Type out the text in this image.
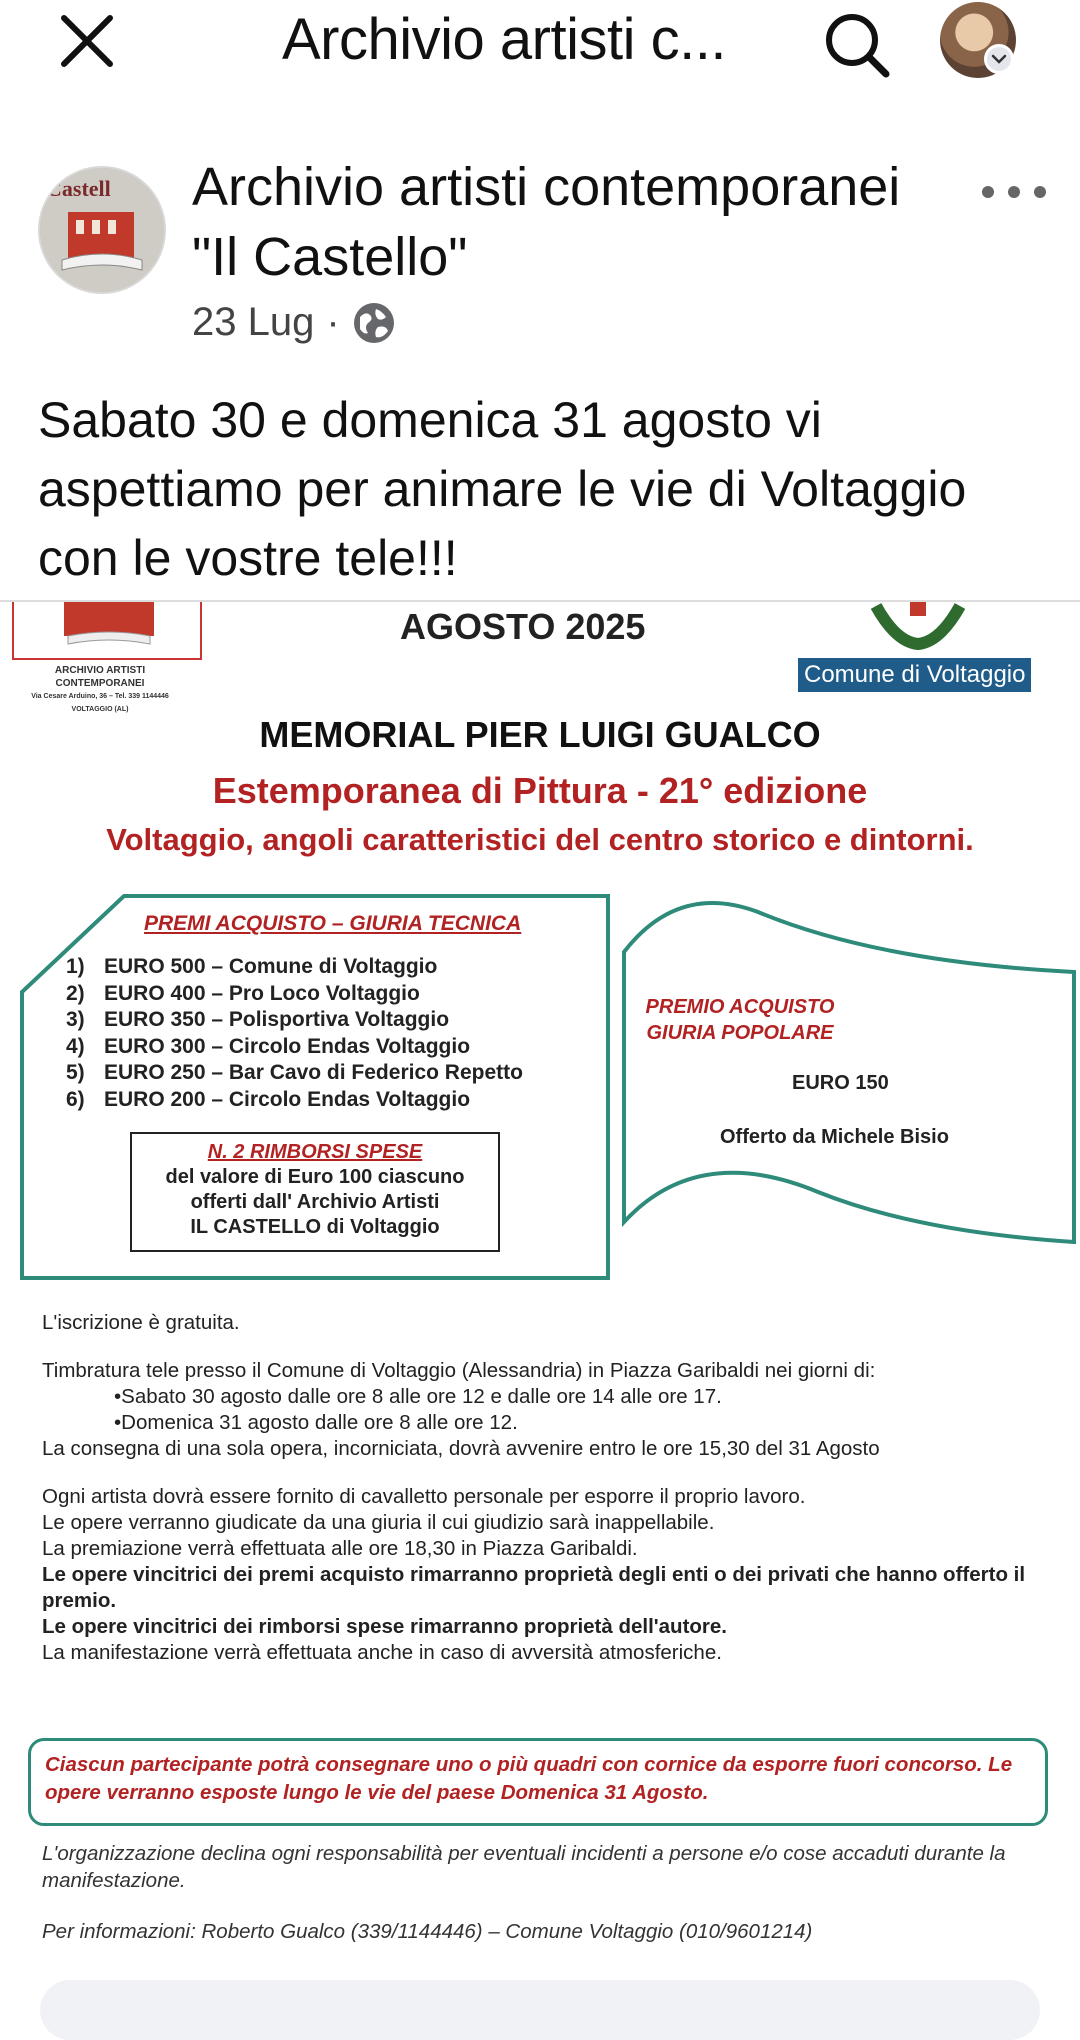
Archivio artisti c...
Castell Archivio artisti contemporanei "Il Castello"
23 Lug ·
Sabato 30 e domenica 31 agosto vi aspettiamo per animare le vie di Voltaggio con le vostre tele!!!
ARCHIVIO ARTISTI
CONTEMPORANEI
Via Cesare Arduino, 36 – Tel. 339 1144446
VOLTAGGIO (AL)
AGOSTO 2025
Comune di Voltaggio
MEMORIAL PIER LUIGI GUALCO
Estemporanea di Pittura - 21° edizione
Voltaggio, angoli caratteristici del centro storico e dintorni.
PREMI ACQUISTO – GIURIA TECNICA
1) EURO 500 – Comune di Voltaggio
2) EURO 400 – Pro Loco Voltaggio
3) EURO 350 – Polisportiva Voltaggio
4) EURO 300 – Circolo Endas Voltaggio
5) EURO 250 – Bar Cavo di Federico Repetto
6) EURO 200 – Circolo Endas Voltaggio
N. 2 RIMBORSI SPESE
del valore di Euro 100 ciascuno
offerti dall' Archivio Artisti
IL CASTELLO di Voltaggio
PREMIO ACQUISTO
GIURIA POPOLARE
EURO 150
Offerto da Michele Bisio

L'iscrizione è gratuita.

Timbratura tele presso il Comune di Voltaggio (Alessandria) in Piazza Garibaldi nei giorni di:

•Sabato 30 agosto dalle ore 8 alle ore 12 e dalle ore 14 alle ore 17.

•Domenica 31 agosto dalle ore 8 alle ore 12.

La consegna di una sola opera, incorniciata, dovrà avvenire entro le ore 15,30 del 31 Agosto

Ogni artista dovrà essere fornito di cavalletto personale per esporre il proprio lavoro.

Le opere verranno giudicate da una giuria il cui giudizio sarà inappellabile.

La premiazione verrà effettuata alle ore 18,30 in Piazza Garibaldi.

Le opere vincitrici dei premi acquisto rimarranno proprietà degli enti o dei privati che hanno offerto il premio.

Le opere vincitrici dei rimborsi spese rimarranno proprietà dell'autore.

La manifestazione verrà effettuata anche in caso di avversità atmosferiche.

Ciascun partecipante potrà consegnare uno o più quadri con cornice da esporre fuori concorso. Le opere verranno esposte lungo le vie del paese Domenica 31 Agosto.
L'organizzazione declina ogni responsabilità per eventuali incidenti a persone e/o cose accaduti durante la manifestazione.
Per informazioni: Roberto Gualco (339/1144446) – Comune Voltaggio (010/9601214)
